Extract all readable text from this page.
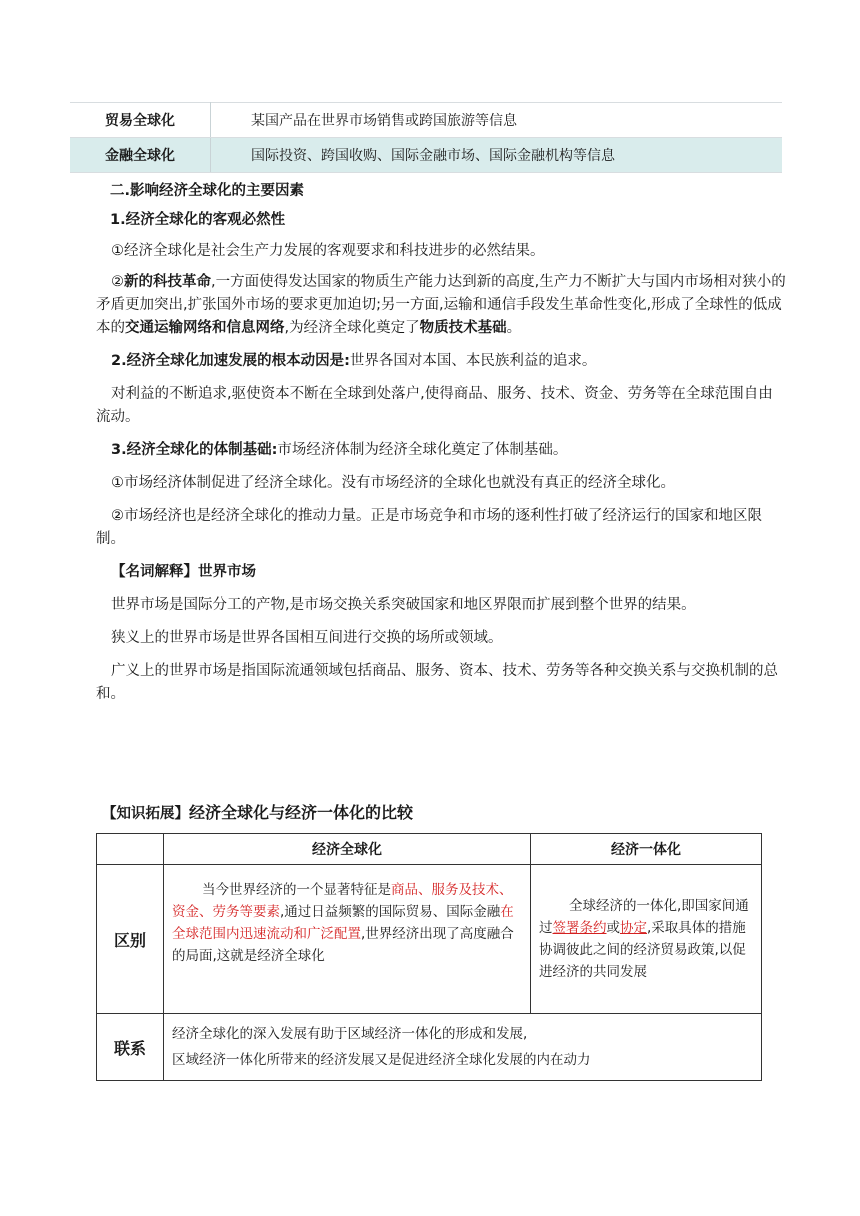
贸易全球化	某国产品在世界市场销售或跨国旅游等信息
金融全球化	国际投资、跨国收购、国际金融市场、国际金融机构等信息

二.影响经济全球化的主要因素

1.经济全球化的客观必然性

①经济全球化是社会生产力发展的客观要求和科技进步的必然结果。

②新的科技革命,一方面使得发达国家的物质生产能力达到新的高度,生产力不断扩大与国内市场相对狭小的矛盾更加突出,扩张国外市场的要求更加迫切;另一方面,运输和通信手段发生革命性变化,形成了全球性的低成本的交通运输网络和信息网络,为经济全球化奠定了物质技术基础。

2.经济全球化加速发展的根本动因是:世界各国对本国、本民族利益的追求。

对利益的不断追求,驱使资本不断在全球到处落户,使得商品、服务、技术、资金、劳务等在全球范围自由流动。

3.经济全球化的体制基础:市场经济体制为经济全球化奠定了体制基础。

①市场经济体制促进了经济全球化。没有市场经济的全球化也就没有真正的经济全球化。

②市场经济也是经济全球化的推动力量。正是市场竞争和市场的逐利性打破了经济运行的国家和地区限制。

【名词解释】世界市场

世界市场是国际分工的产物,是市场交换关系突破国家和地区界限而扩展到整个世界的结果。

狭义上的世界市场是世界各国相互间进行交换的场所或领域。

广义上的世界市场是指国际流通领域包括商品、服务、资本、技术、劳务等各种交换关系与交换机制的总和。

【知识拓展】经济全球化与经济一体化的比较
	经济全球化	经济一体化
区别	当今世界经济的一个显著特征是商品、服务及技术、资金、劳务等要素,通过日益频繁的国际贸易、国际金融在全球范围内迅速流动和广泛配置,世界经济出现了高度融合的局面,这就是经济全球化	全球经济的一体化,即国家间通过签署条约或协定,采取具体的措施协调彼此之间的经济贸易政策,以促进经济的共同发展
联系	经济全球化的深入发展有助于区域经济一体化的形成和发展,
区域经济一体化所带来的经济发展又是促进经济全球化发展的内在动力	
